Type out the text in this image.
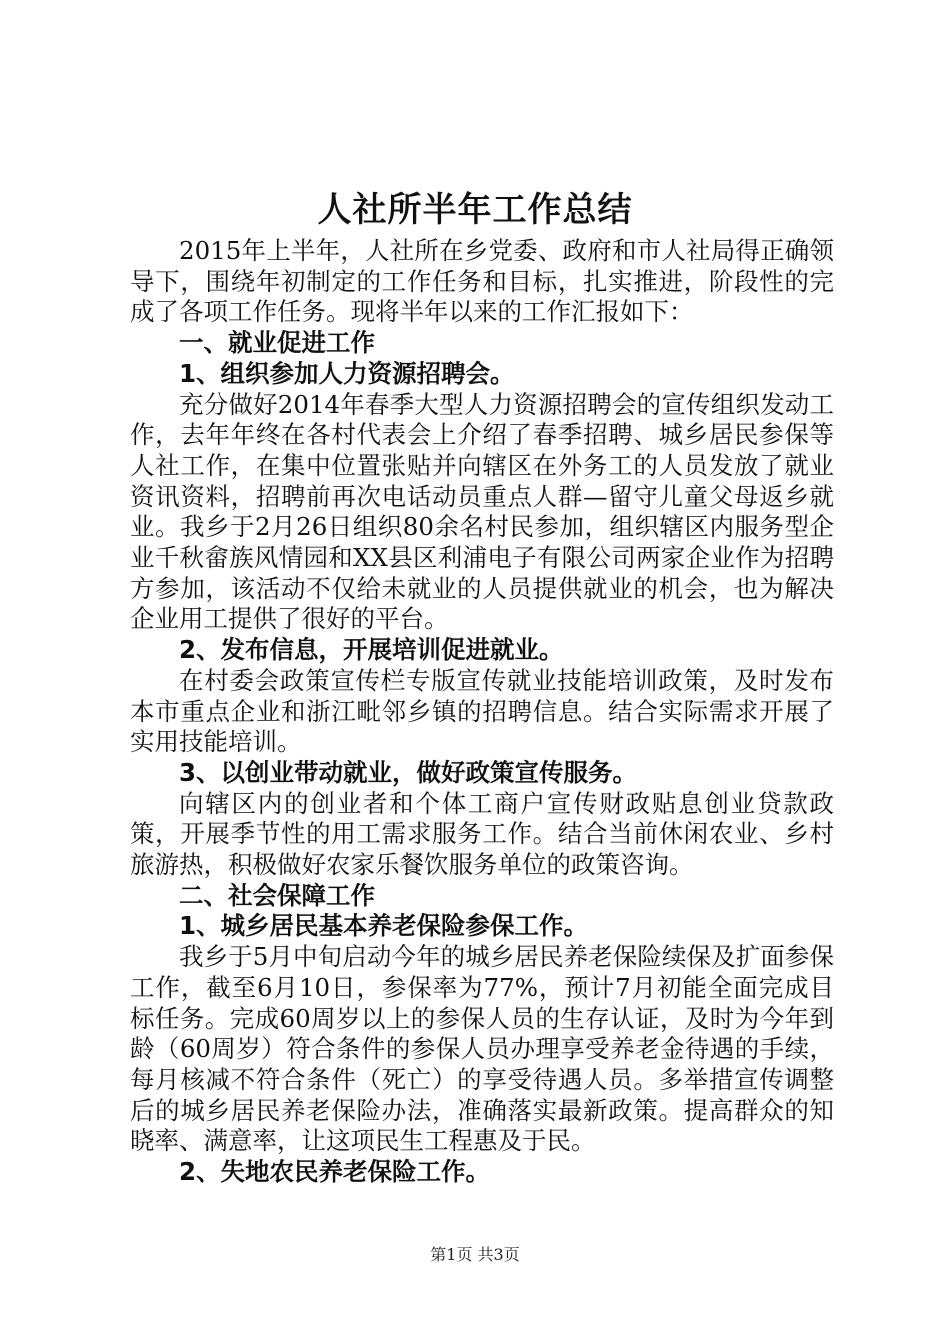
人社所半年工作总结

2015年上半年，人社所在乡党委、政府和市人社局得正确领导下，围绕年初制定的工作任务和目标，扎实推进，阶段性的完成了各项工作任务。现将半年以来的工作汇报如下：

一、就业促进工作

1、组织参加人力资源招聘会。

充分做好2014年春季大型人力资源招聘会的宣传组织发动工作，去年年终在各村代表会上介绍了春季招聘、城乡居民参保等人社工作，在集中位置张贴并向辖区在外务工的人员发放了就业资讯资料，招聘前再次电话动员重点人群—留守儿童父母返乡就业。我乡于2月26日组织80余名村民参加，组织辖区内服务型企业千秋畲族风情园和XX县区利浦电子有限公司两家企业作为招聘方参加，该活动不仅给未就业的人员提供就业的机会，也为解决企业用工提供了很好的平台。

2、发布信息，开展培训促进就业。

在村委会政策宣传栏专版宣传就业技能培训政策，及时发布本市重点企业和浙江毗邻乡镇的招聘信息。结合实际需求开展了实用技能培训。

3、以创业带动就业，做好政策宣传服务。

向辖区内的创业者和个体工商户宣传财政贴息创业贷款政策，开展季节性的用工需求服务工作。结合当前休闲农业、乡村旅游热，积极做好农家乐餐饮服务单位的政策咨询。

二、社会保障工作

1、城乡居民基本养老保险参保工作。

我乡于5月中旬启动今年的城乡居民养老保险续保及扩面参保工作，截至6月10日，参保率为77%，预计7月初能全面完成目标任务。完成60周岁以上的参保人员的生存认证，及时为今年到龄（60周岁）符合条件的参保人员办理享受养老金待遇的手续，每月核减不符合条件（死亡）的享受待遇人员。多举措宣传调整后的城乡居民养老保险办法，准确落实最新政策。提高群众的知晓率、满意率，让这项民生工程惠及于民。

2、失地农民养老保险工作。

第1页 共3页
